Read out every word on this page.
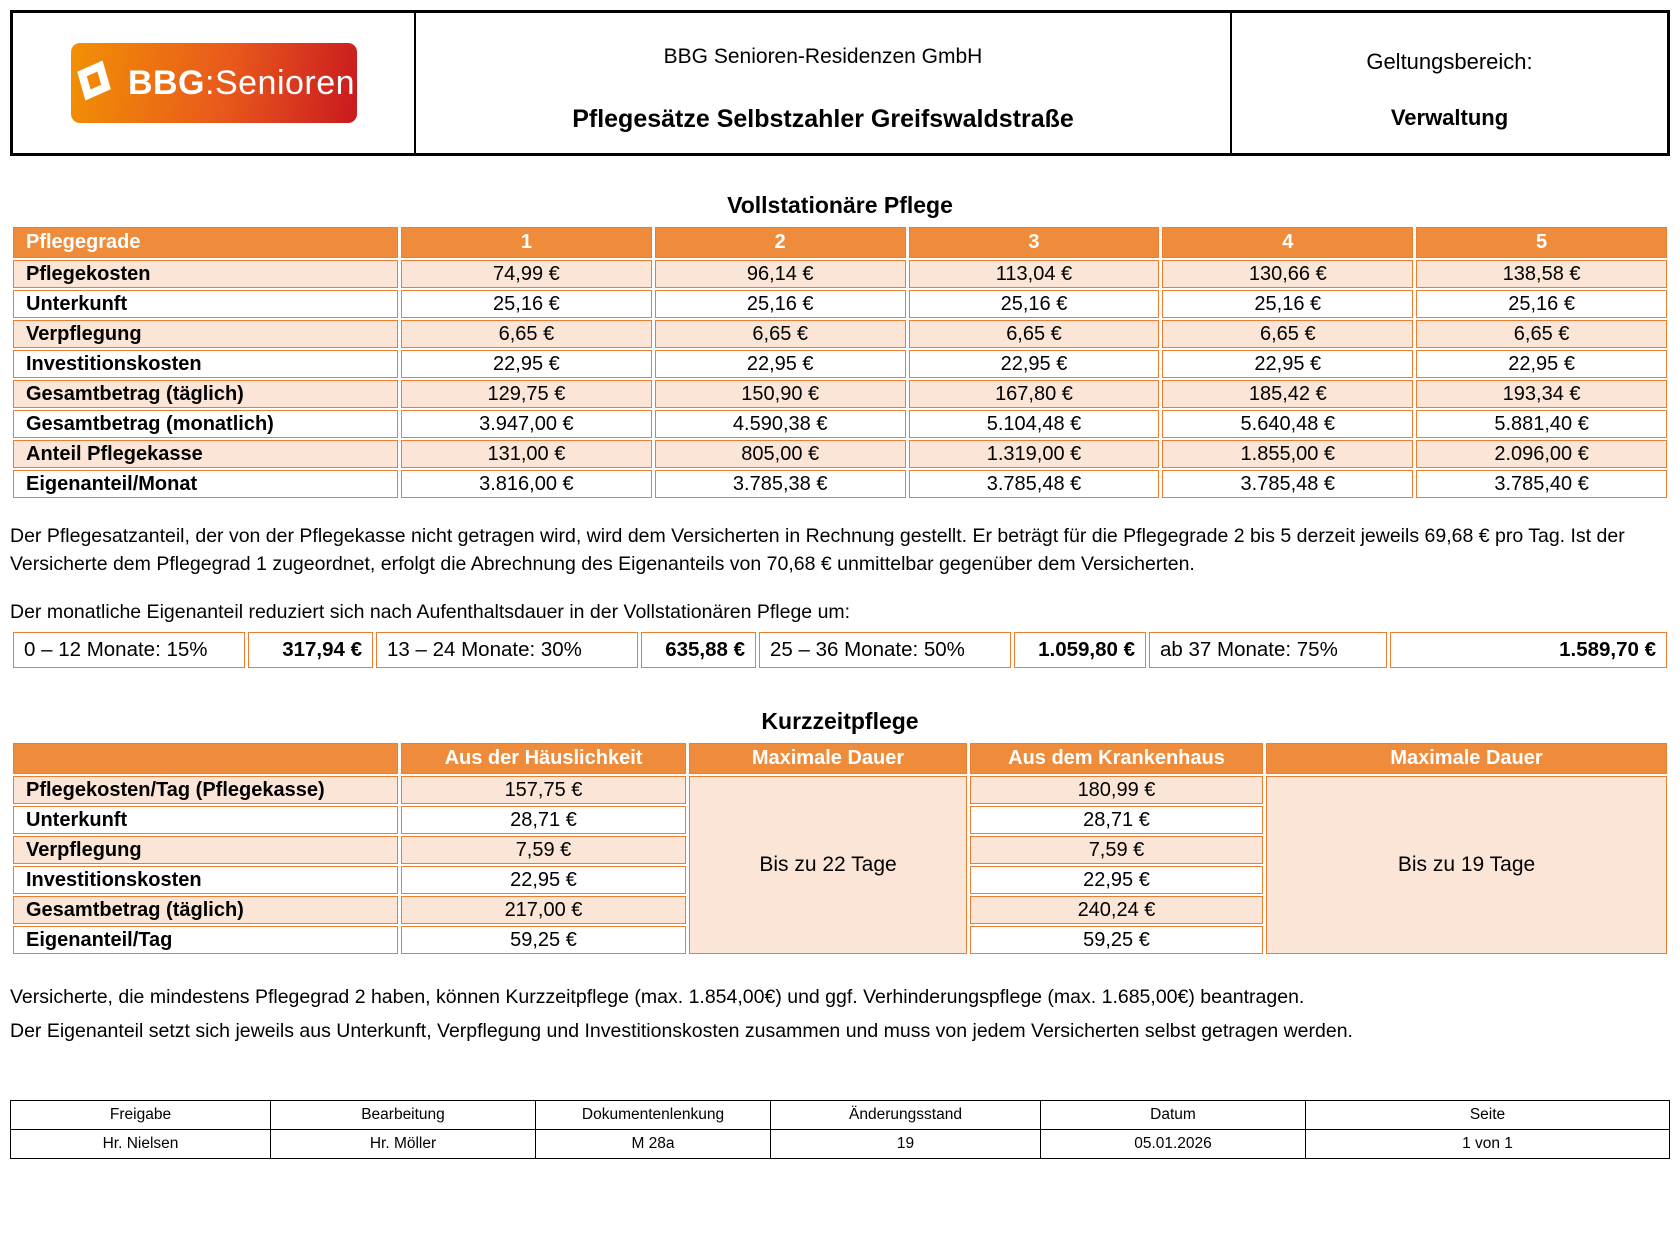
BBG:Senioren
BBG Senioren-Residenzen GmbH
Pflegesätze Selbstzahler Greifswaldstraße
Geltungsbereich:
Verwaltung
Vollstationäre Pflege
Pflegegrade	1	2	3	4	5
Pflegekosten	74,99 €	96,14 €	113,04 €	130,66 €	138,58 €
Unterkunft	25,16 €	25,16 €	25,16 €	25,16 €	25,16 €
Verpflegung	6,65 €	6,65 €	6,65 €	6,65 €	6,65 €
Investitionskosten	22,95 €	22,95 €	22,95 €	22,95 €	22,95 €
Gesamtbetrag (täglich)	129,75 €	150,90 €	167,80 €	185,42 €	193,34 €
Gesamtbetrag (monatlich)	3.947,00 €	4.590,38 €	5.104,48 €	5.640,48 €	5.881,40 €
Anteil Pflegekasse	131,00 €	805,00 €	1.319,00 €	1.855,00 €	2.096,00 €
Eigenanteil/Monat	3.816,00 €	3.785,38 €	3.785,48 €	3.785,48 €	3.785,40 €

Der Pflegesatzanteil, der von der Pflegekasse nicht getragen wird, wird dem Versicherten in Rechnung gestellt. Er beträgt für die Pflegegrade 2 bis 5 derzeit jeweils 69,68 € pro Tag. Ist der Versicherte dem Pflegegrad 1 zugeordnet, erfolgt die Abrechnung des Eigenanteils von 70,68 € unmittelbar gegenüber dem Versicherten.

Der monatliche Eigenanteil reduziert sich nach Aufenthaltsdauer in der Vollstationären Pflege um:

0 – 12 Monate: 15%	317,94 €	13 – 24 Monate: 30%	635,88 €	25 – 36 Monate: 50%	1.059,80 €	ab 37 Monate: 75%	1.589,70 €
Kurzzeitpflege
	Aus der Häuslichkeit	Maximale Dauer	Aus dem Krankenhaus	Maximale Dauer
Pflegekosten/Tag (Pflegekasse)	157,75 €	Bis zu 22 Tage	180,99 €	Bis zu 19 Tage
Unterkunft	28,71 €		28,71 €	
Verpflegung	7,59 €		7,59 €	
Investitionskosten	22,95 €		22,95 €	
Gesamtbetrag (täglich)	217,00 €		240,24 €	
Eigenanteil/Tag	59,25 €		59,25 €	

Versicherte, die mindestens Pflegegrad 2 haben, können Kurzzeitpflege (max. 1.854,00€) und ggf. Verhinderungspflege (max. 1.685,00€) beantragen.

Der Eigenanteil setzt sich jeweils aus Unterkunft, Verpflegung und Investitionskosten zusammen und muss von jedem Versicherten selbst getragen werden.

Freigabe	Bearbeitung	Dokumentenlenkung	Änderungsstand	Datum	Seite
Hr. Nielsen	Hr. Möller	M 28a	19	05.01.2026	1 von 1
